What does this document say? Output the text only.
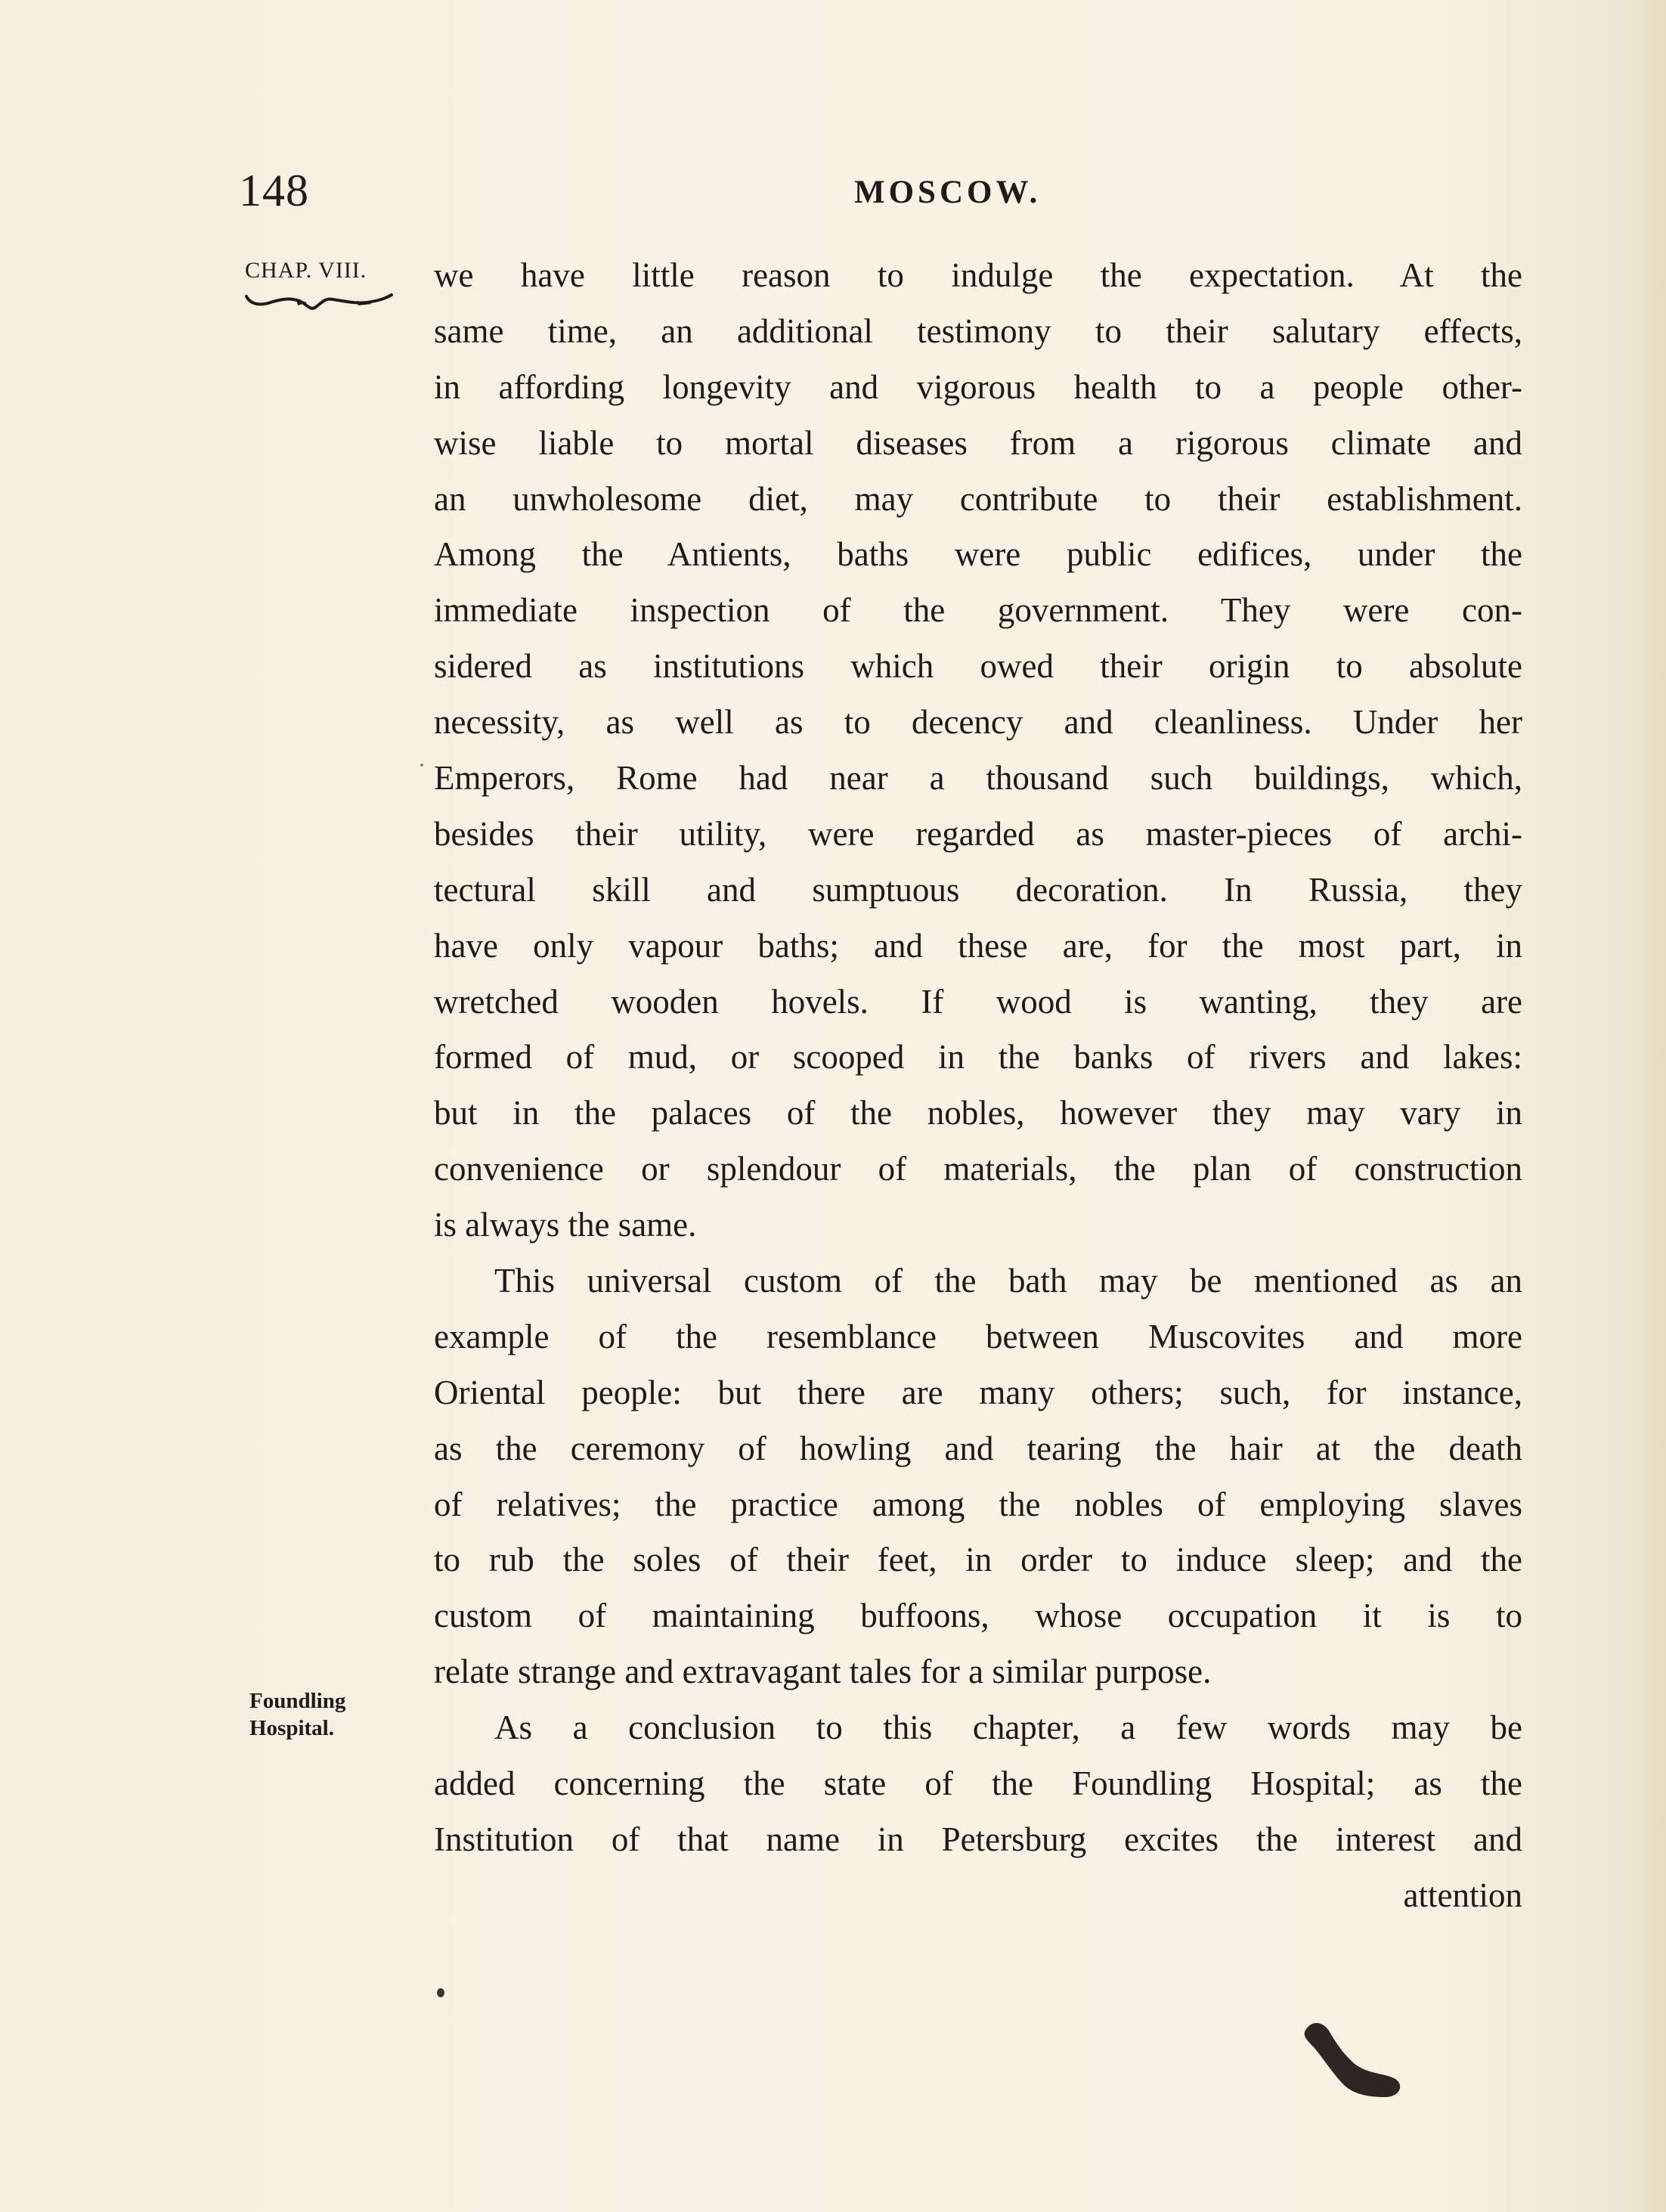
148	MOSCOW.
CHAP. VIII.
Foundling
Hospital.
we have little reason to indulge the expectation. At the
same time, an additional testimony to their salutary effects,
in affording longevity and vigorous health to a people other-
wise liable to mortal diseases from a rigorous climate and
an unwholesome diet, may contribute to their establishment.
Among the Antients, baths were public edifices, under the
immediate inspection of the government. They were con-
sidered as institutions which owed their origin to absolute
necessity, as well as to decency and cleanliness. Under her
Emperors, Rome had near a thousand such buildings, which,
besides their utility, were regarded as master-pieces of archi-
tectural skill and sumptuous decoration. In Russia, they
have only vapour baths; and these are, for the most part, in
wretched wooden hovels. If wood is wanting, they are
formed of mud, or scooped in the banks of rivers and lakes:
but in the palaces of the nobles, however they may vary in
convenience or splendour of materials, the plan of construction
is always the same.
This universal custom of the bath may be mentioned as an
example of the resemblance between Muscovites and more
Oriental people: but there are many others; such, for instance,
as the ceremony of howling and tearing the hair at the death
of relatives; the practice among the nobles of employing slaves
to rub the soles of their feet, in order to induce sleep; and the
custom of maintaining buffoons, whose occupation it is to
relate strange and extravagant tales for a similar purpose.
As a conclusion to this chapter, a few words may be
added concerning the state of the Foundling Hospital; as the
Institution of that name in Petersburg excites the interest and
attention
